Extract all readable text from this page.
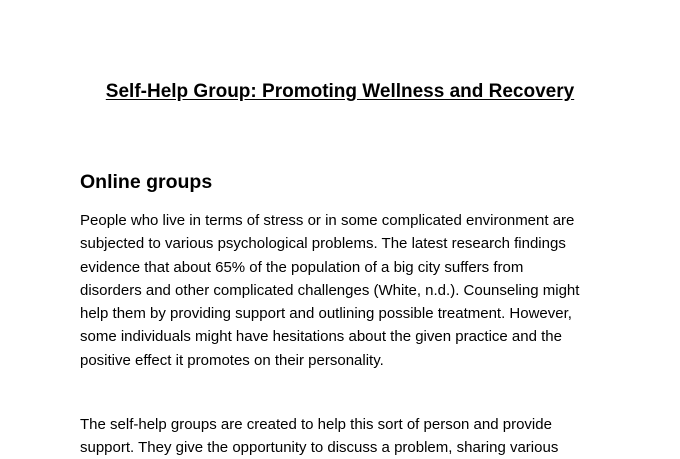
Self-Help Group: Promoting Wellness and Recovery
Online groups

People who live in terms of stress or in some complicated environment are
subjected to various psychological problems. The latest research findings
evidence that about 65% of the population of a big city suffers from
disorders and other complicated challenges (White, n.d.). Counseling might
help them by providing support and outlining possible treatment. However,
some individuals might have hesitations about the given practice and the
positive effect it promotes on their personality.

The self-help groups are created to help this sort of person and provide
support. They give the opportunity to discuss a problem, sharing various
